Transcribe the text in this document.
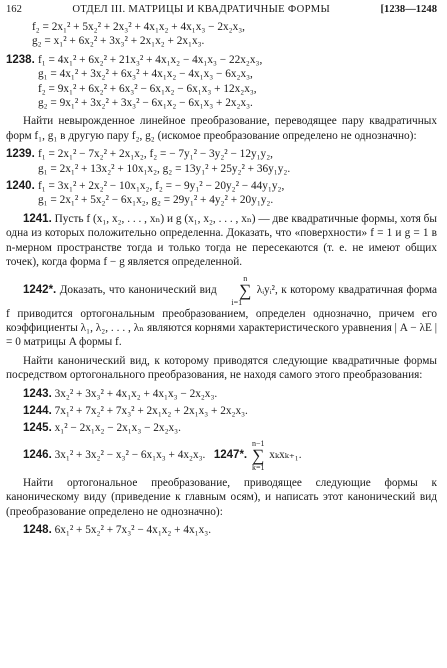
162	ОТДЕЛ III. МАТРИЦЫ И КВАДРАТИЧНЫЕ ФОРМЫ	[1238—1248
f₂ = 2x₁² + 5x₂² + 2x₃² + 4x₁x₂ + 4x₁x₃ − 2x₂x₃,
g₂ = x₁² + 6x₂² + 3x₃² + 2x₁x₂ + 2x₁x₃.
1238. f₁ = 4x₁² + 6x₂² + 21x₃² + 4x₁x₂ − 4x₁x₃ − 22x₂x₃,
g₁ = 4x₁² + 3x₂² + 6x₃² + 4x₁x₂ − 4x₁x₃ − 6x₂x₃,
f₂ = 9x₁² + 6x₂² + 6x₃² − 6x₁x₂ − 6x₁x₃ + 12x₂x₃,
g₂ = 9x₁² + 3x₂² + 3x₃² − 6x₁x₂ − 6x₁x₃ + 2x₂x₃.

Найти невырожденное линейное преобразование, переводящее пару квадратичных форм f₁, g₁ в другую пару f₂, g₂ (искомое преобразование определено не однозначно):

1239. f₁ = 2x₁² − 7x₂² + 2x₁x₂, f₂ = − 7y₁² − 3y₂² − 12y₁y₂,
g₁ = 2x₁² + 13x₂² + 10x₁x₂, g₂ = 13y₁² + 25y₂² + 36y₁y₂.
1240. f₁ = 3x₁² + 2x₂² − 10x₁x₂, f₂ = − 9y₁² − 20y₂² − 44y₁y₂,
g₁ = 2x₁² + 5x₂² − 6x₁x₂, g₂ = 29y₁² + 4y₂² + 20y₁y₂.

1241. Пусть f (x₁, x₂, . . . , xₙ) и g (x₁, x₂, . . . , xₙ) — две квадратичные формы, хотя бы одна из которых положительно определенна. Доказать, что «поверхности» f = 1 и g = 1 в n-мерном пространстве тогда и только тогда не пересекаются (т. е. не имеют общих точек), когда форма f − g является определенной.

1242*. Доказать, что канонический вид n
∑
i=1 λᵢyᵢ², к которому квадратичная форма f приводится ортогональным преобразованием, определен однозначно, причем его коэффициенты λ₁, λ₂, . . . , λₙ являются корнями характеристического уравнения | A − λE | = 0 матрицы A формы f.

Найти канонический вид, к которому приводятся следующие квадратичные формы посредством ортогонального преобразования, не находя самого этого преобразования:

1243. 3x₂² + 3x₃² + 4x₁x₂ + 4x₁x₃ − 2x₂x₃.
1244. 7x₁² + 7x₂² + 7x₃² + 2x₁x₂ + 2x₁x₃ + 2x₂x₃.
1245. x₁² − 2x₁x₂ − 2x₁x₃ − 2x₂x₃.
1246. 3x₁² + 3x₂² − x₃² − 6x₁x₃ + 4x₂x₃. 1247*. n−1
∑
k=1 xₖxₖ₊₁.

Найти ортогональное преобразование, приводящее следующие формы к каноническому виду (приведение к главным осям), и написать этот канонический вид (преобразование определено не однозначно):

1248. 6x₁² + 5x₂² + 7x₃² − 4x₁x₂ + 4x₁x₃.
